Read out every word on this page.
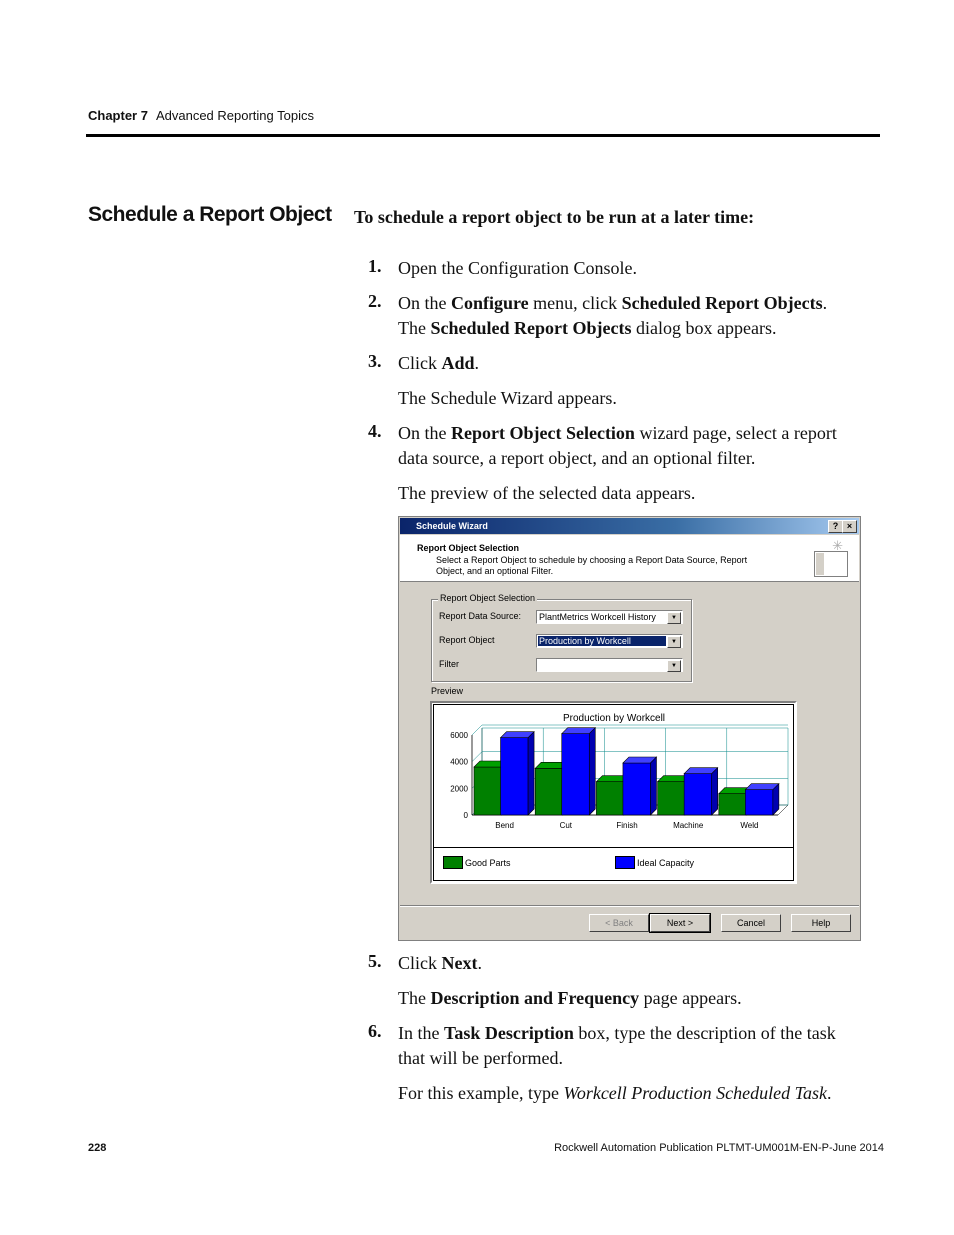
Chapter 7 Advanced Reporting Topics
Schedule a Report Object To schedule a report object to be run at a later time:
1. Open the Configuration Console.
2. On the Configure menu, click Scheduled Report Objects.
The Scheduled Report Objects dialog box appears.
3. Click Add.
The Schedule Wizard appears.
4. On the Report Object Selection wizard page, select a report
data source, a report object, and an optional filter.
The preview of the selected data appears.
Schedule Wizard	? ×
Report Object Selection
Select a Report Object to schedule by choosing a Report Data Source, Report Object, and an optional Filter.
✳
Report Object Selection
Report Data Source: PlantMetrics Workcell History	▼
Report Object	Production by Workcell	▼
Filter	▼
Preview
Production by Workcell
6000
4000
2000
0
Bend	Cut	Finish	Machine	Weld
Good Parts	Ideal Capacity
< Back	Next >	Cancel	Help
5. Click Next.
The Description and Frequency page appears.
6. In the Task Description box, type the description of the task
that will be performed.
For this example, type Workcell Production Scheduled Task.
228	Rockwell Automation Publication PLTMT-UM001M-EN-P-June 2014
